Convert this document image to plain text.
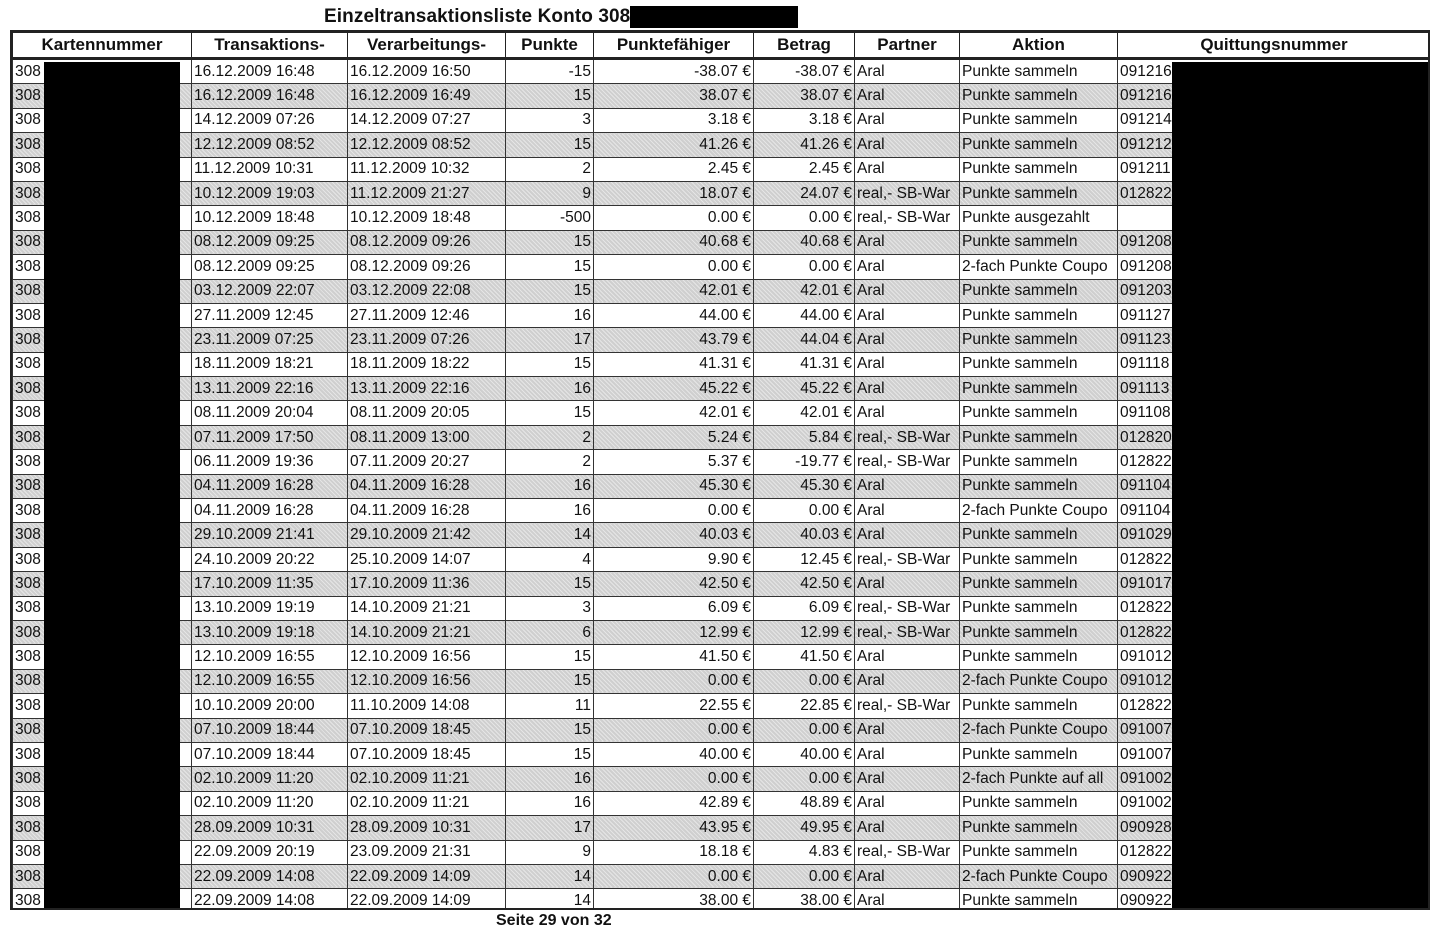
Einzeltransaktionsliste Konto 308
Kartennummer	Transaktions-	Verarbeitungs-	Punkte	Punktefähiger	Betrag	Partner	Aktion	Quittungsnummer
308	16.12.2009 16:48	16.12.2009 16:50	-15	-38.07 €	-38.07 €	Aral	Punkte sammeln	091216
308	16.12.2009 16:48	16.12.2009 16:49	15	38.07 €	38.07 €	Aral	Punkte sammeln	091216
308	14.12.2009 07:26	14.12.2009 07:27	3	3.18 €	3.18 €	Aral	Punkte sammeln	091214
308	12.12.2009 08:52	12.12.2009 08:52	15	41.26 €	41.26 €	Aral	Punkte sammeln	091212
308	11.12.2009 10:31	11.12.2009 10:32	2	2.45 €	2.45 €	Aral	Punkte sammeln	091211
308	10.12.2009 19:03	11.12.2009 21:27	9	18.07 €	24.07 €	real,- SB-War	Punkte sammeln	012822
308	10.12.2009 18:48	10.12.2009 18:48	-500	0.00 €	0.00 €	real,- SB-War	Punkte ausgezahlt	
308	08.12.2009 09:25	08.12.2009 09:26	15	40.68 €	40.68 €	Aral	Punkte sammeln	091208
308	08.12.2009 09:25	08.12.2009 09:26	15	0.00 €	0.00 €	Aral	2-fach Punkte Coupo	091208
308	03.12.2009 22:07	03.12.2009 22:08	15	42.01 €	42.01 €	Aral	Punkte sammeln	091203
308	27.11.2009 12:45	27.11.2009 12:46	16	44.00 €	44.00 €	Aral	Punkte sammeln	091127
308	23.11.2009 07:25	23.11.2009 07:26	17	43.79 €	44.04 €	Aral	Punkte sammeln	091123
308	18.11.2009 18:21	18.11.2009 18:22	15	41.31 €	41.31 €	Aral	Punkte sammeln	091118
308	13.11.2009 22:16	13.11.2009 22:16	16	45.22 €	45.22 €	Aral	Punkte sammeln	091113
308	08.11.2009 20:04	08.11.2009 20:05	15	42.01 €	42.01 €	Aral	Punkte sammeln	091108
308	07.11.2009 17:50	08.11.2009 13:00	2	5.24 €	5.84 €	real,- SB-War	Punkte sammeln	012820
308	06.11.2009 19:36	07.11.2009 20:27	2	5.37 €	-19.77 €	real,- SB-War	Punkte sammeln	012822
308	04.11.2009 16:28	04.11.2009 16:28	16	45.30 €	45.30 €	Aral	Punkte sammeln	091104
308	04.11.2009 16:28	04.11.2009 16:28	16	0.00 €	0.00 €	Aral	2-fach Punkte Coupo	091104
308	29.10.2009 21:41	29.10.2009 21:42	14	40.03 €	40.03 €	Aral	Punkte sammeln	091029
308	24.10.2009 20:22	25.10.2009 14:07	4	9.90 €	12.45 €	real,- SB-War	Punkte sammeln	012822
308	17.10.2009 11:35	17.10.2009 11:36	15	42.50 €	42.50 €	Aral	Punkte sammeln	091017
308	13.10.2009 19:19	14.10.2009 21:21	3	6.09 €	6.09 €	real,- SB-War	Punkte sammeln	012822
308	13.10.2009 19:18	14.10.2009 21:21	6	12.99 €	12.99 €	real,- SB-War	Punkte sammeln	012822
308	12.10.2009 16:55	12.10.2009 16:56	15	41.50 €	41.50 €	Aral	Punkte sammeln	091012
308	12.10.2009 16:55	12.10.2009 16:56	15	0.00 €	0.00 €	Aral	2-fach Punkte Coupo	091012
308	10.10.2009 20:00	11.10.2009 14:08	11	22.55 €	22.85 €	real,- SB-War	Punkte sammeln	012822
308	07.10.2009 18:44	07.10.2009 18:45	15	0.00 €	0.00 €	Aral	2-fach Punkte Coupo	091007
308	07.10.2009 18:44	07.10.2009 18:45	15	40.00 €	40.00 €	Aral	Punkte sammeln	091007
308	02.10.2009 11:20	02.10.2009 11:21	16	0.00 €	0.00 €	Aral	2-fach Punkte auf all	091002
308	02.10.2009 11:20	02.10.2009 11:21	16	42.89 €	48.89 €	Aral	Punkte sammeln	091002
308	28.09.2009 10:31	28.09.2009 10:31	17	43.95 €	49.95 €	Aral	Punkte sammeln	090928
308	22.09.2009 20:19	23.09.2009 21:31	9	18.18 €	4.83 €	real,- SB-War	Punkte sammeln	012822
308	22.09.2009 14:08	22.09.2009 14:09	14	0.00 €	0.00 €	Aral	2-fach Punkte Coupo	090922
308	22.09.2009 14:08	22.09.2009 14:09	14	38.00 €	38.00 €	Aral	Punkte sammeln	090922
Seite 29 von 32
